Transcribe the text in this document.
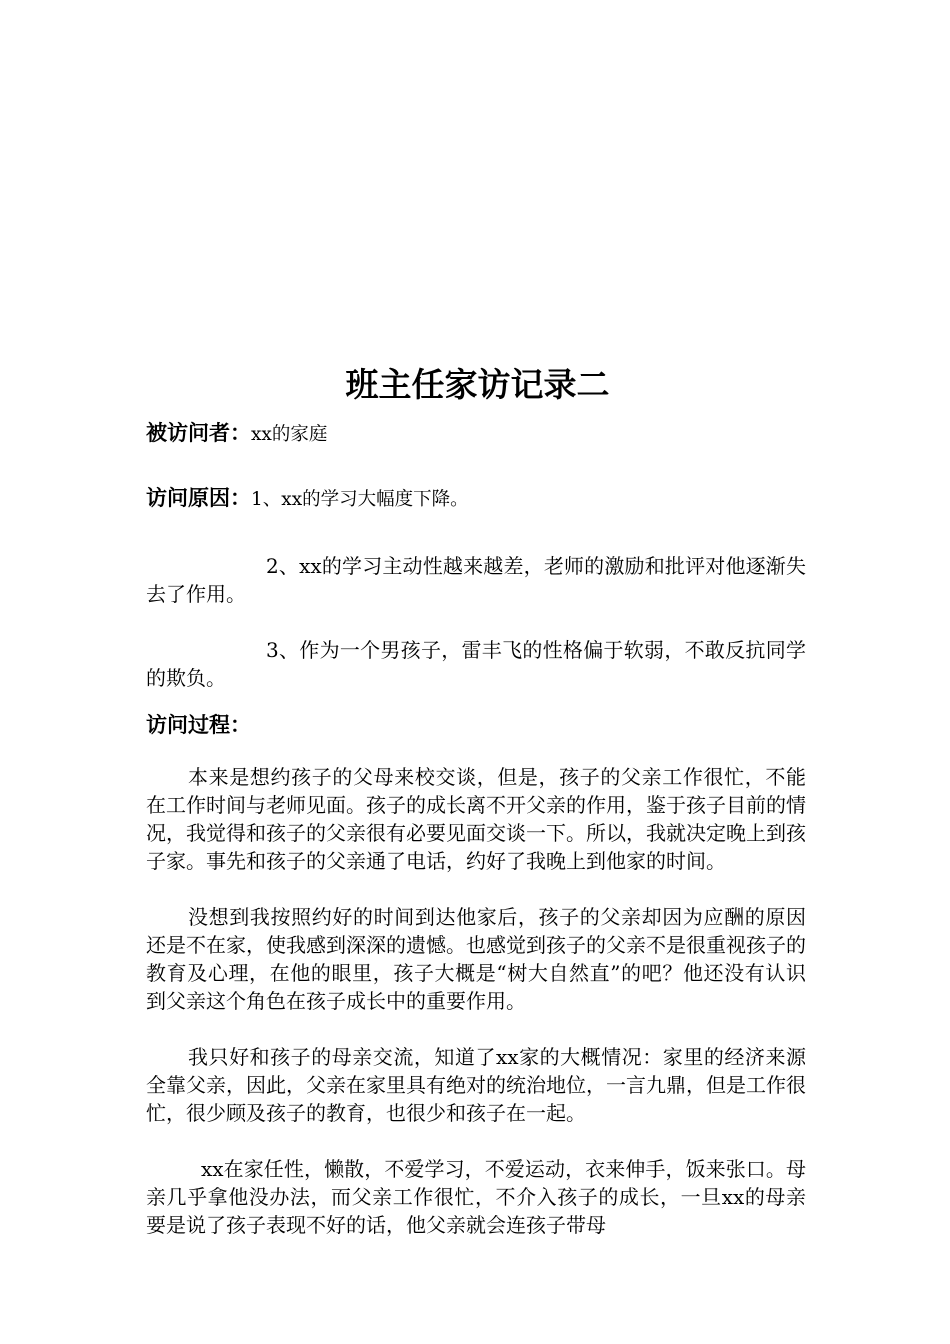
班主任家访记录二

被访问者：xx的家庭

访问原因：1、xx的学习大幅度下降。

2、xx的学习主动性越来越差，老师的激励和批评对他逐渐失去了作用。

3、作为一个男孩子，雷丰飞的性格偏于软弱，不敢反抗同学的欺负。

访问过程：

本来是想约孩子的父母来校交谈，但是，孩子的父亲工作很忙，不能在工作时间与老师见面。孩子的成长离不开父亲的作用，鉴于孩子目前的情况，我觉得和孩子的父亲很有必要见面交谈一下。所以，我就决定晚上到孩子家。事先和孩子的父亲通了电话，约好了我晚上到他家的时间。

没想到我按照约好的时间到达他家后，孩子的父亲却因为应酬的原因还是不在家，使我感到深深的遗憾。也感觉到孩子的父亲不是很重视孩子的教育及心理，在他的眼里，孩子大概是“树大自然直”的吧？他还没有认识到父亲这个角色在孩子成长中的重要作用。

我只好和孩子的母亲交流，知道了xx家的大概情况：家里的经济来源全靠父亲，因此，父亲在家里具有绝对的统治地位，一言九鼎，但是工作很忙，很少顾及孩子的教育，也很少和孩子在一起。

xx在家任性，懒散，不爱学习，不爱运动，衣来伸手，饭来张口。母亲几乎拿他没办法，而父亲工作很忙，不介入孩子的成长，一旦xx的母亲要是说了孩子表现不好的话，他父亲就会连孩子带母
